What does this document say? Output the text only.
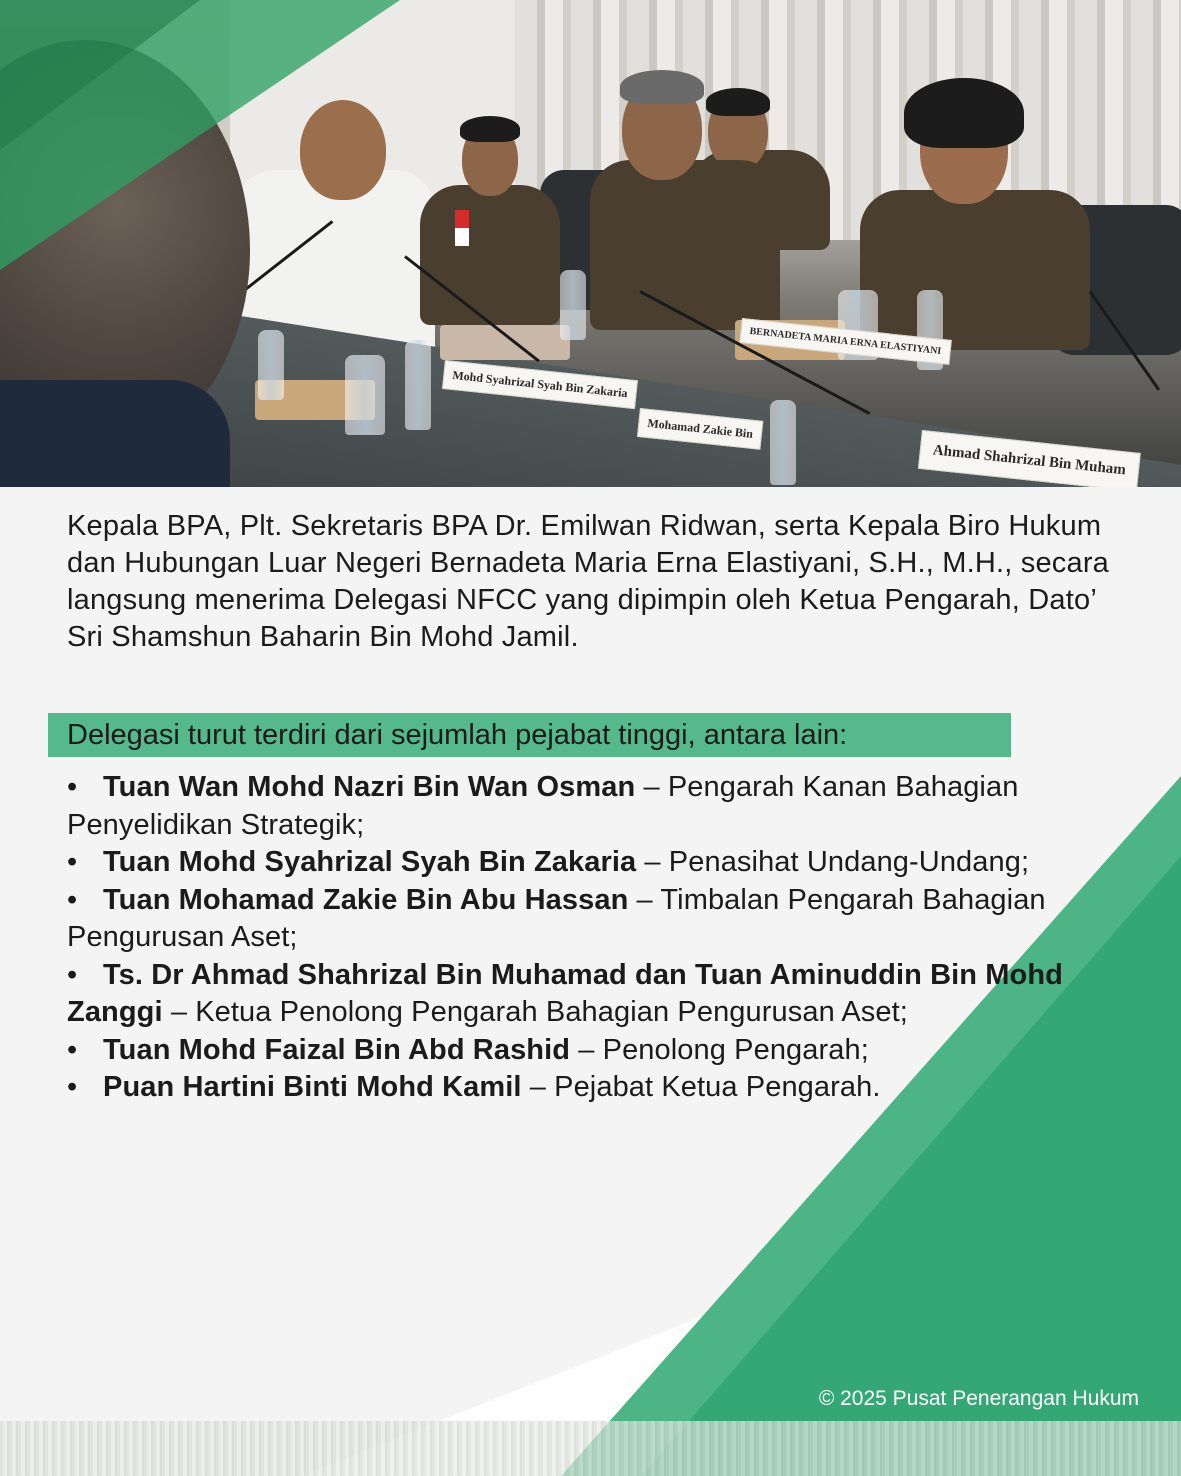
Mohd Syahrizal Syah Bin Zakaria
Mohamad Zakie Bin
Ahmad Shahrizal Bin Muham
BERNADETA MARIA ERNA ELASTIYANI

Kepala BPA, Plt. Sekretaris BPA Dr. Emilwan Ridwan, serta Kepala Biro Hukum dan Hubungan Luar Negeri Bernadeta Maria Erna Elastiyani, S.H., M.H., secara langsung menerima Delegasi NFCC yang dipimpin oleh Ketua Pengarah, Dato’ Sri Shamshun Baharin Bin Mohd Jamil.

Delegasi turut terdiri dari sejumlah pejabat tinggi, antara lain:
• Tuan Wan Mohd Nazri Bin Wan Osman – Pengarah Kanan Bahagian Penyelidikan Strategik;
• Tuan Mohd Syahrizal Syah Bin Zakaria – Penasihat Undang-Undang;
• Tuan Mohamad Zakie Bin Abu Hassan – Timbalan Pengarah Bahagian Pengurusan Aset;
• Ts. Dr Ahmad Shahrizal Bin Muhamad dan Tuan Aminuddin Bin Mohd Zanggi – Ketua Penolong Pengarah Bahagian Pengurusan Aset;
• Tuan Mohd Faizal Bin Abd Rashid – Penolong Pengarah;
• Puan Hartini Binti Mohd Kamil – Pejabat Ketua Pengarah.
© 2025 Pusat Penerangan Hukum
